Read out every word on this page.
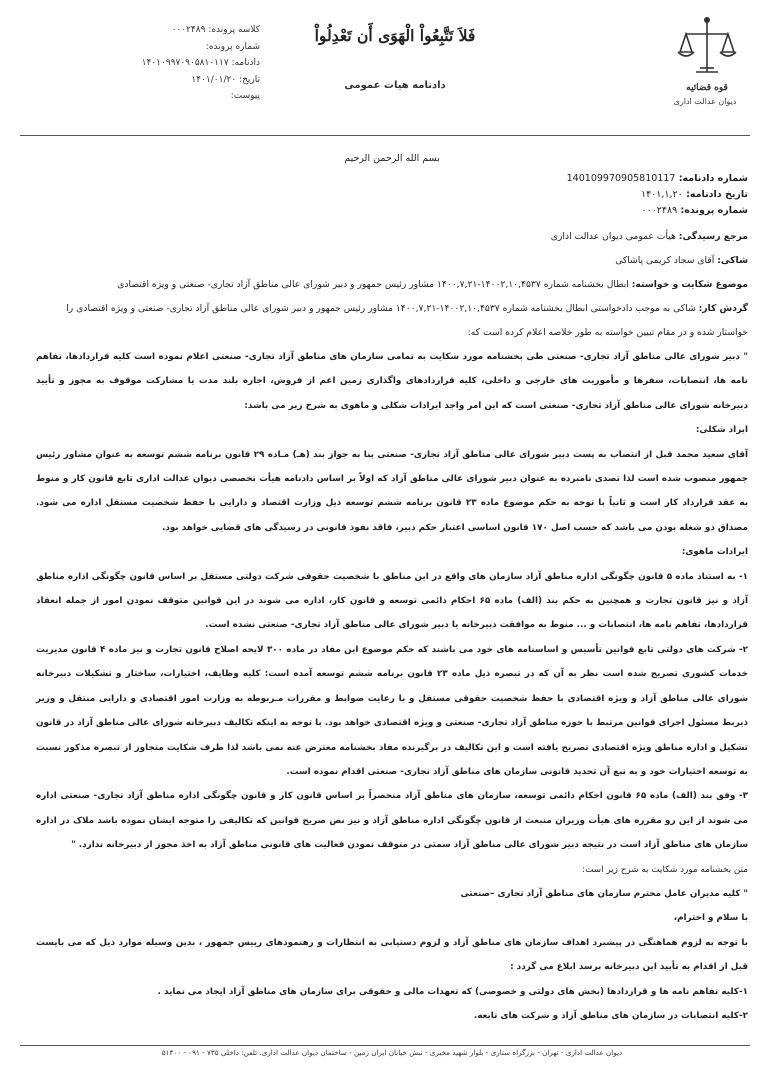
کلاسه پرونده: ۰۰۰۲۴۸۹
شماره پرونده:
دادنامه: ۱۴۰۱۰۹۹۷۰۹۰۵۸۱۰۱۱۷
تاریخ: ۱۴۰۱/۰۱/۲۰
پیوست:
فَلاَ تَتَّبِعُواْ الْهَوَى أَن تَعْدِلُواْ
دادنامه هیات عمومی	قوه قضائیه
دیوان عدالت اداری
بسم الله الرحمن الرحیم
شماره دادنامه: 140109970905810117
تاریخ دادنامه: ۱۴۰۱,۱,۲۰
شماره پرونده: ۰۰۰۲۴۸۹
مرجع رسیدگی: هیأت عمومی دیوان عدالت اداری
شاکی: آقای سجاد کریمی پاشاکی
موضوع شکایت و خواسته: ابطال بخشنامه شماره ۱۴۰۰۲,۱۰,۴۵۳۷-۱۴۰۰,۷,۲۱ مشاور رئیس جمهور و دبیر شورای عالی مناطق آزاد تجاری- صنعتی و ویژه اقتصادی
گردش کار: شاکی به موجب دادخواستی ابطال بخشنامه شماره ۱۴۰۰۲,۱۰,۴۵۳۷-۱۴۰۰,۷,۲۱ مشاور رئیس جمهور و دبیر شورای عالی مناطق آزاد تجاری- صنعتی و ویژه اقتصادی را خواستار شده و در مقام تبیین خواسته به طور خلاصه اعلام کرده است که:

" دبیر شورای عالی مناطق آزاد تجاری- صنعتی طی بخشنامه مورد شکایت به تمامی سازمان های مناطق آزاد تجاری- صنعتی اعلام نموده است کلیه قراردادها، تفاهم نامه ها، انتصابات، سفرها و مأموریت های خارجی و داخلی، کلیه قراردادهای واگذاری زمین اعم از فروش، اجاره بلند مدت یا مشارکت موقوف به مجوز و تأیید دبیرخانه شورای عالی مناطق آزاد تجاری- صنعتی است که این امر واجد ایرادات شکلی و ماهوی به شرح زیر می باشد:

ایراد شکلی:

آقای سعید محمد قبل از انتصاب به پست دبیر شورای عالی مناطق آزاد تجاری- صنعتی بنا به جواز بند (هـ) مـاده ۲۹ قانون برنامه ششم توسعه به عنوان مشاور رئیس جمهور منصوب شده است لذا تصدی نامبرده به عنوان دبیر شورای عالی مناطق آزاد که اولاً بر اساس دادنامه هیأت تخصصی دیوان عدالت اداری تابع قانون کار و منوط به عقد قرارداد کار است و ثانیاً با توجه به حکم موضوع ماده ۲۳ قانون برنامه ششم توسعه ذیل وزارت اقتصاد و دارایی با حفظ شخصیت مستقل اداره می شود. مصداق دو شغله بودن می باشد که حسب اصل ۱۷۰ قانون اساسی اعتبار حکم دبیر، فاقد نفوذ قانونی در رسیدگی های قضایی خواهد بود.

ایرادات ماهوی:

۱- به استناد ماده ۵ قانون چگونگی اداره مناطق آزاد سازمان های واقع در این مناطق با شخصیت حقوقی شرکت دولتی مستقل بر اساس قانون چگونگی اداره مناطق آزاد و نیز قانون تجارت و همچنین به حکم بند (الف) ماده ۶۵ احکام دائمی توسعه و قانون کار، اداره می شوند در این قوانین متوقف نمودن امور از جمله انعقاد قراردادها، تفاهم نامه ها، انتصابات و ... منوط به موافقت دبیرخانه یا دبیر شورای عالی مناطق آزاد تجاری- صنعتی نشده است.

۲- شرکت های دولتی تابع قوانین تأسیس و اساسنامه های خود می باشند که حکم موضوع این مفاد در ماده ۳۰۰ لایحه اصلاح قانون تجارت و نیز ماده ۴ قانون مدیریت خدمات کشوری تصریح شده است نظر به آن که در تبصره ذیل ماده ۲۳ قانون برنامه ششم توسعه آمده است: کلیه وظایف، اختیارات، ساختار و تشکیلات دبیرخانه شورای عالی مناطق آزاد و ویژه اقتصادی با حفظ شخصیت حقوقی مستقل و با رعایت ضوابط و مقررات مـربوطه به وزارت امور اقتصادی و دارایی منتقل و وزیر ذیربط مسئول اجرای قوانین مرتبط با حوزه مناطق آزاد تجاری- صنعتی و ویژه اقتصادی خواهد بود. با توجه به اینکه تکالیف دبیرخانه شورای عالی مناطق آزاد در قانون تشکیل و اداره مناطق ویژه اقتصادی تصریح یافته است و این تکالیف در برگیرنده مفاد بخشنامه معترض عنه نمی باشد لذا طرف شکایت متجاوز از تبصره مذکور نسبت به توسعه اختیارات خود و به تبع آن تحدید قانونی سازمان های مناطق آزاد تجاری- صنعتی اقدام نموده است.

۳- وفق بند (الف) ماده ۶۵ قانون احکام دائمی توسعه، سازمان های مناطق آزاد منحصراً بر اساس قانون کار و قانون چگونگی اداره مناطق آزاد تجاری- صنعتی اداره می شوند از این رو مقرره های هیأت وزیران منبعث از قانون چگونگی اداره مناطق آزاد و نیز نص صریح قوانین که تکالیفی را متوجه ایشان نموده باشد ملاک در اداره سازمان های مناطق آزاد است در نتیجه دبیر شورای عالی مناطق آزاد سمتی در متوقف نمودن فعالیت های قانونی مناطق آزاد به اخذ مجوز از دبیرخانه ندارد. "

متن بخشنامه مورد شکایت به شرح زیر است:

" کلیه مدیران عامل محترم سازمان های مناطق آزاد تجاری –صنعتی

با سلام و احترام،

با توجه به لزوم هماهنگی در پیشبرد اهداف سازمان های مناطق آزاد و لزوم دستیابی به انتظارات و رهنمودهای رییس جمهور ، بدین وسیله موارد ذیل که می بایست قبل از اقدام به تأیید این دبیرخانه برسد ابلاغ می گردد :

۱-کلیه تفاهم نامه ها و قراردادها (بخش های دولتی و خصوصی) که تعهدات مالی و حقوقی برای سازمان های مناطق آزاد ایجاد می نماید .

۲-کلیه انتصابات در سازمان های مناطق آزاد و شرکت های تابعه.

دیوان عدالت اداری - تهران - بزرگراه ستاری - بلوار شهید مخبری - نبش خیابان ایران زمین - ساختمان دیوان عدالت اداری. تلفن: داخلی ۷۳۵ - ۰۹۱ - ۵۱۴۰۰
